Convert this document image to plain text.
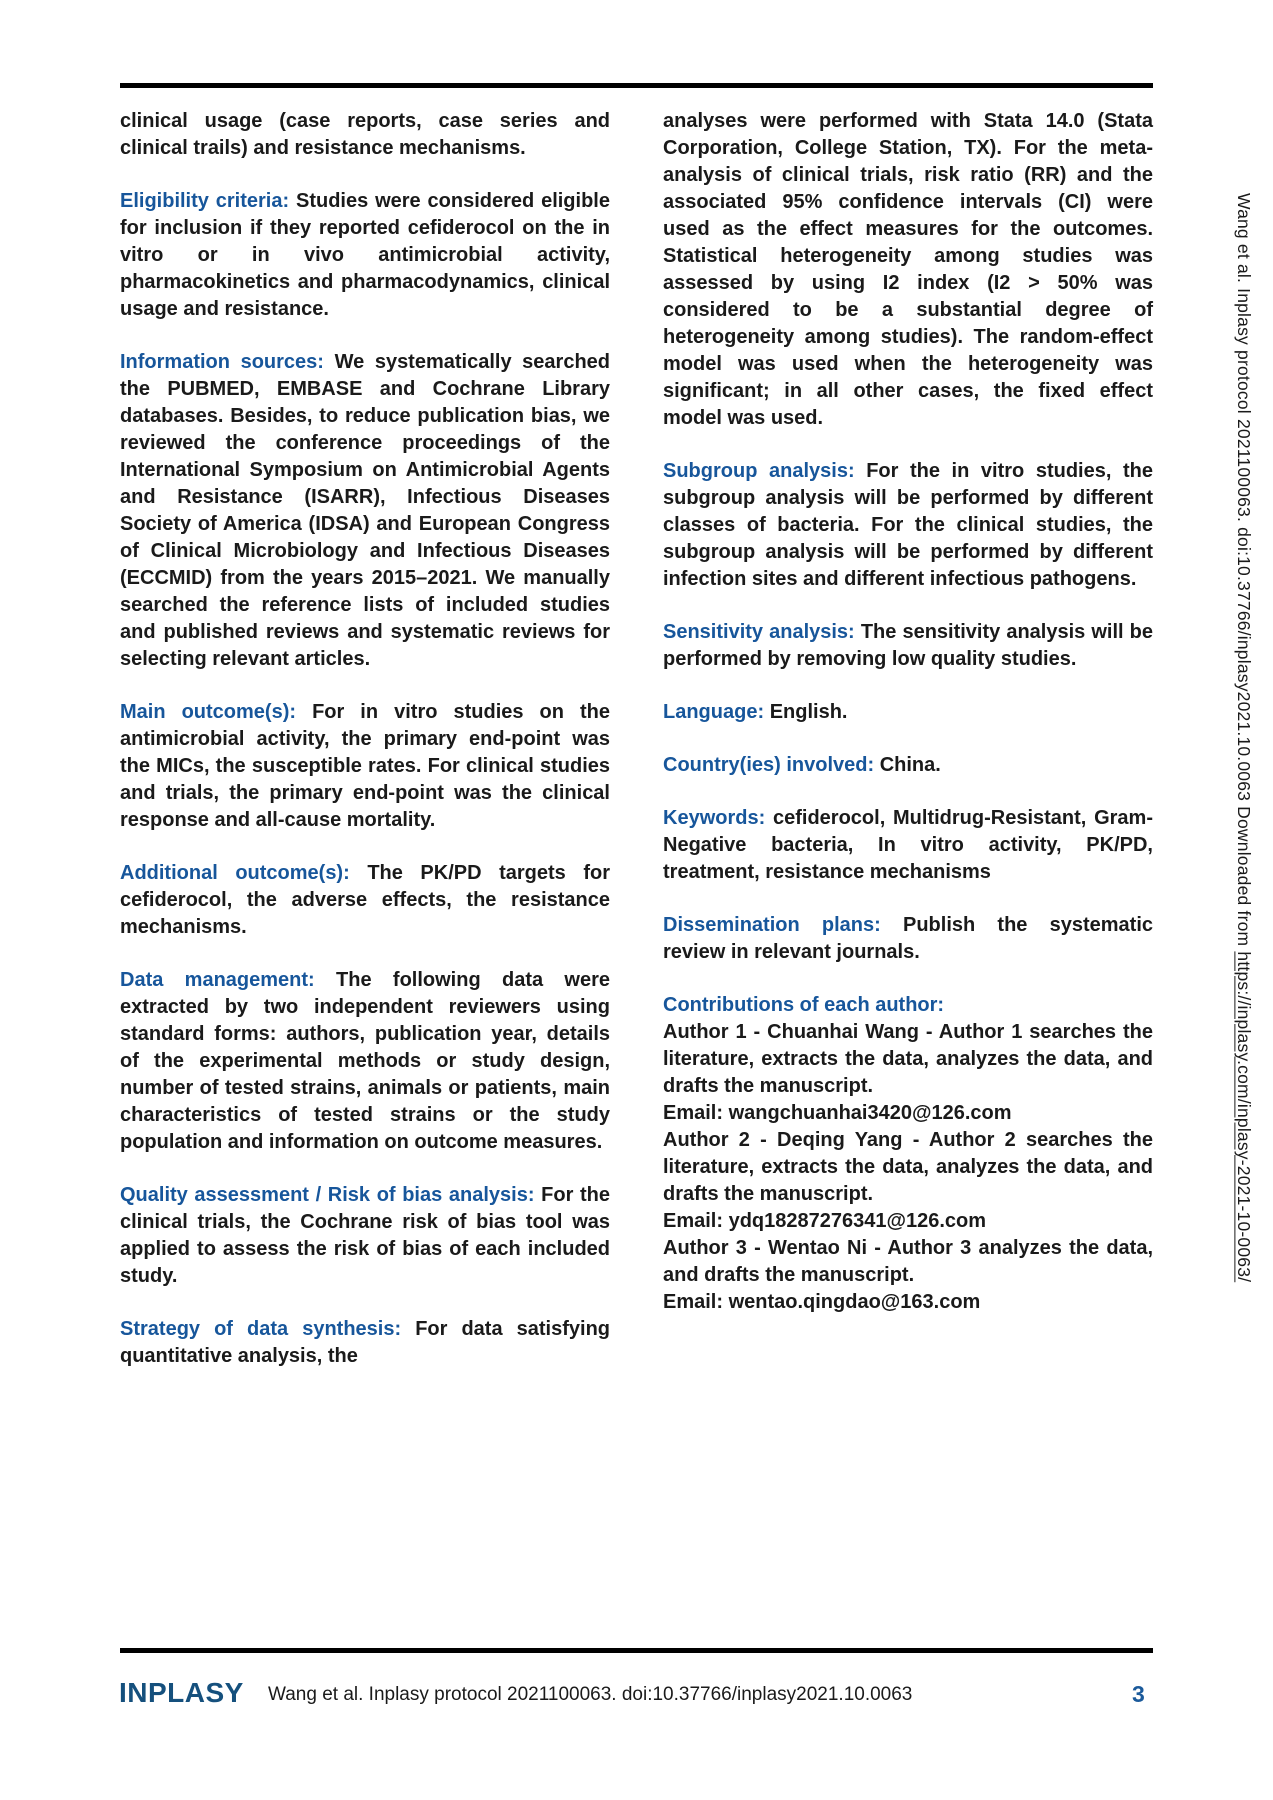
clinical usage (case reports, case series and clinical trails) and resistance mechanisms.

Eligibility criteria: Studies were considered eligible for inclusion if they reported cefiderocol on the in vitro or in vivo antimicrobial activity, pharmacokinetics and pharmacodynamics, clinical usage and resistance.

Information sources: We systematically searched the PUBMED, EMBASE and Cochrane Library databases. Besides, to reduce publication bias, we reviewed the conference proceedings of the International Symposium on Antimicrobial Agents and Resistance (ISARR), Infectious Diseases Society of America (IDSA) and European Congress of Clinical Microbiology and Infectious Diseases (ECCMID) from the years 2015–2021. We manually searched the reference lists of included studies and published reviews and systematic reviews for selecting relevant articles.

Main outcome(s): For in vitro studies on the antimicrobial activity, the primary end-point was the MICs, the susceptible rates. For clinical studies and trials, the primary end-point was the clinical response and all-cause mortality.

Additional outcome(s): The PK/PD targets for cefiderocol, the adverse effects, the resistance mechanisms.

Data management: The following data were extracted by two independent reviewers using standard forms: authors, publication year, details of the experimental methods or study design, number of tested strains, animals or patients, main characteristics of tested strains or the study population and information on outcome measures.

Quality assessment / Risk of bias analysis: For the clinical trials, the Cochrane risk of bias tool was applied to assess the risk of bias of each included study.

Strategy of data synthesis: For data satisfying quantitative analysis, the

analyses were performed with Stata 14.0 (Stata Corporation, College Station, TX). For the meta-analysis of clinical trials, risk ratio (RR) and the associated 95% confidence intervals (CI) were used as the effect measures for the outcomes. Statistical heterogeneity among studies was assessed by using I2 index (I2 > 50% was considered to be a substantial degree of heterogeneity among studies). The random-effect model was used when the heterogeneity was significant; in all other cases, the fixed effect model was used.

Subgroup analysis: For the in vitro studies, the subgroup analysis will be performed by different classes of bacteria. For the clinical studies, the subgroup analysis will be performed by different infection sites and different infectious pathogens.

Sensitivity analysis: The sensitivity analysis will be performed by removing low quality studies.

Language: English.

Country(ies) involved: China.

Keywords: cefiderocol, Multidrug-Resistant, Gram-Negative bacteria, In vitro activity, PK/PD, treatment, resistance mechanisms

Dissemination plans: Publish the systematic review in relevant journals.

Contributions of each author:

Author 1 - Chuanhai Wang - Author 1 searches the literature, extracts the data, analyzes the data, and drafts the manuscript.

Email: wangchuanhai3420@126.com

Author 2 - Deqing Yang - Author 2 searches the literature, extracts the data, analyzes the data, and drafts the manuscript.

Email: ydq18287276341@126.com

Author 3 - Wentao Ni - Author 3 analyzes the data, and drafts the manuscript.

Email: wentao.qingdao@163.com

Wang et al. Inplasy protocol 2021100063. doi:10.37766/inplasy2021.10.0063 Downloaded from https://inplasy.com/inplasy-2021-10-0063/
INPLASY Wang et al. Inplasy protocol 2021100063. doi:10.37766/inplasy2021.10.0063	3
